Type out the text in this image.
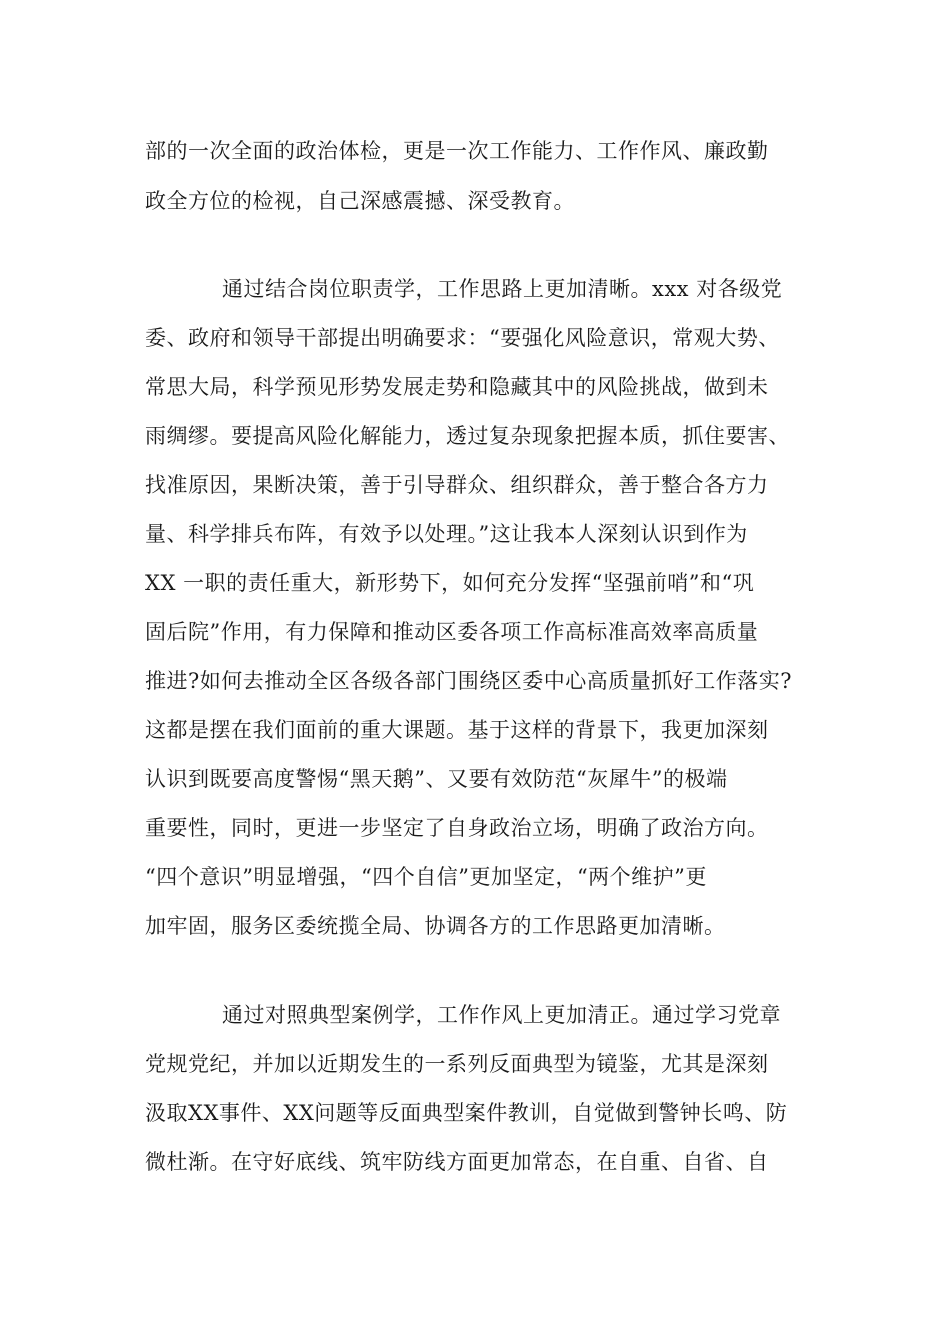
部的一次全面的政治体检，更是一次工作能力、工作作风、廉政勤
政全方位的检视，自己深感震撼、深受教育。
通过结合岗位职责学，工作思路上更加清晰。xxx 对各级党
委、政府和领导干部提出明确要求：“要强化风险意识，常观大势、
常思大局，科学预见形势发展走势和隐藏其中的风险挑战，做到未
雨绸缪。要提高风险化解能力，透过复杂现象把握本质，抓住要害、
找准原因，果断决策，善于引导群众、组织群众，善于整合各方力
量、科学排兵布阵，有效予以处理。”这让我本人深刻认识到作为
XX 一职的责任重大，新形势下，如何充分发挥“坚强前哨”和“巩
固后院”作用，有力保障和推动区委各项工作高标准高效率高质量
推进?如何去推动全区各级各部门围绕区委中心高质量抓好工作落实?
这都是摆在我们面前的重大课题。基于这样的背景下，我更加深刻
认识到既要高度警惕“黑天鹅”、又要有效防范“灰犀牛”的极端
重要性，同时，更进一步坚定了自身政治立场，明确了政治方向。
“四个意识”明显增强，“四个自信”更加坚定，“两个维护”更
加牢固，服务区委统揽全局、协调各方的工作思路更加清晰。
通过对照典型案例学，工作作风上更加清正。通过学习党章
党规党纪，并加以近期发生的一系列反面典型为镜鉴，尤其是深刻
汲取XX事件、XX问题等反面典型案件教训，自觉做到警钟长鸣、防
微杜渐。在守好底线、筑牢防线方面更加常态，在自重、自省、自
